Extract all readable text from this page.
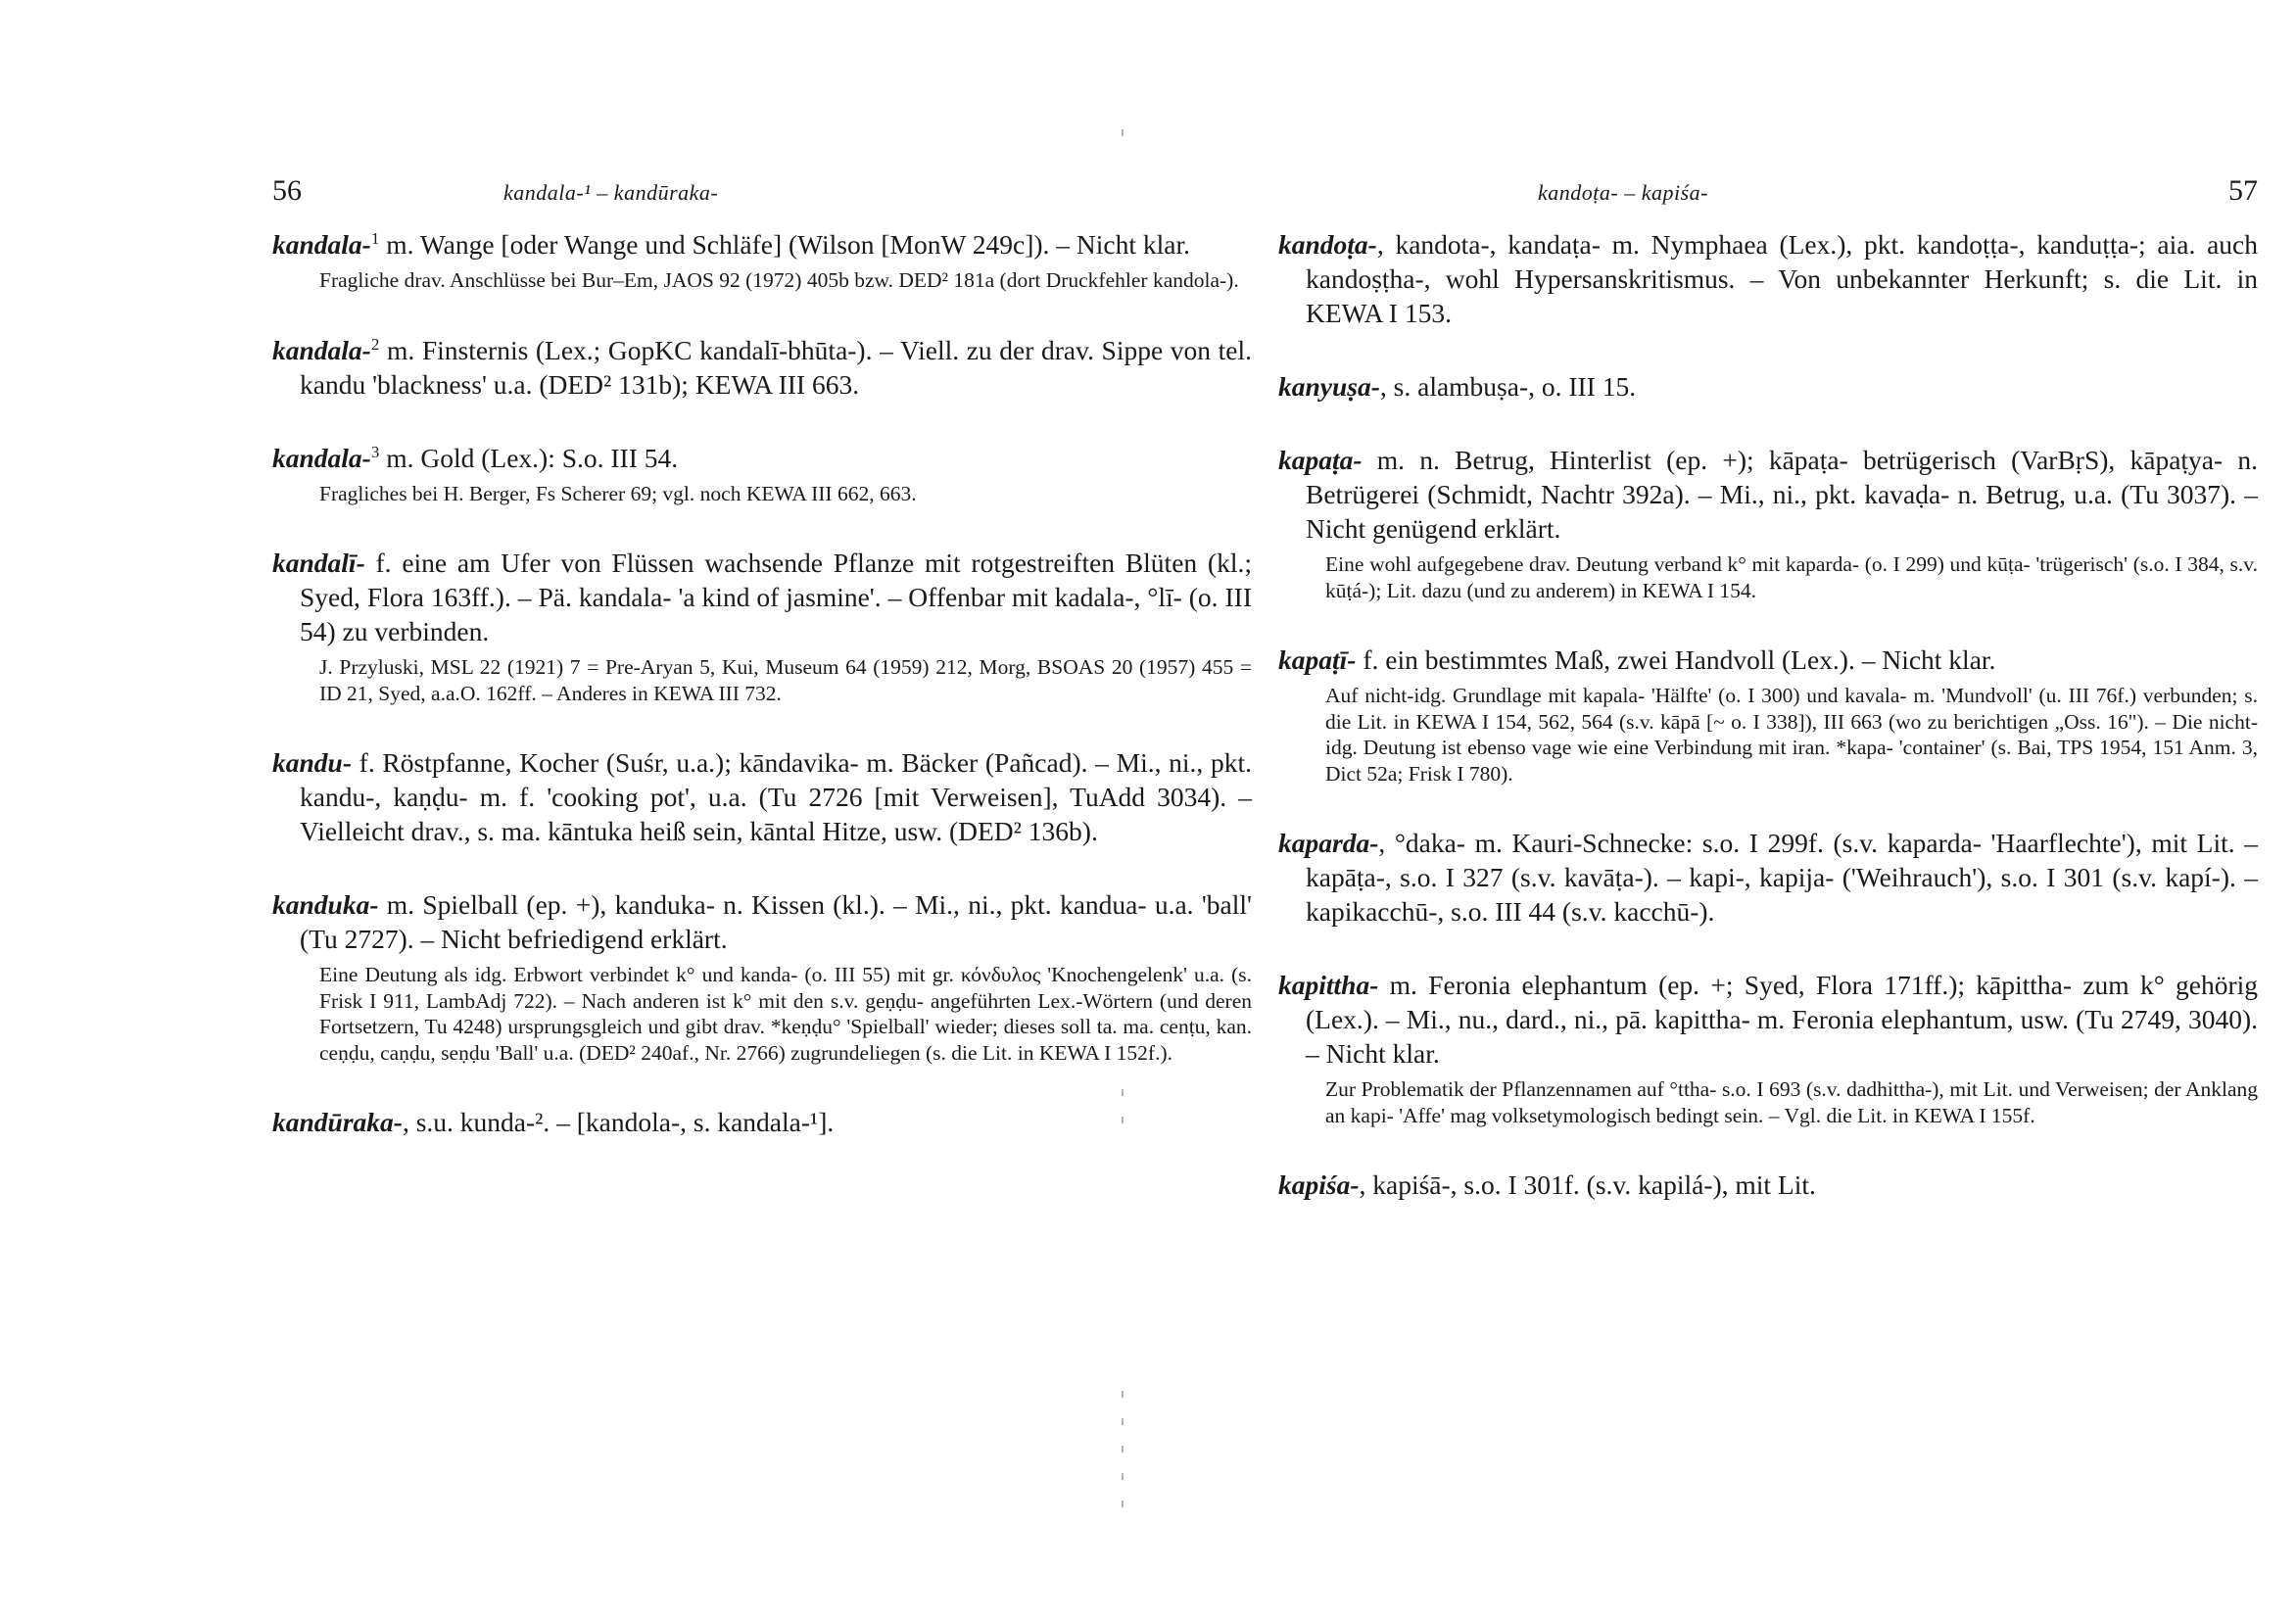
56	kandala-¹ – kandūraka-

kandala-$^1$ m. Wange [oder Wange und Schläfe] (Wilson [MonW 249c]). – Nicht klar.

Fragliche drav. Anschlüsse bei Bur–Em, JAOS 92 (1972) 405b bzw. DED² 181a (dort Druckfehler kandola-).

kandala-$^2$ m. Finsternis (Lex.; GopKC kandalī-bhūta-). – Viell. zu der drav. Sippe von tel. kandu 'blackness' u.a. (DED² 131b); KEWA III 663.

kandala-$^3$ m. Gold (Lex.): S.o. III 54.

Fragliches bei H. Berger, Fs Scherer 69; vgl. noch KEWA III 662, 663.

kandalī- f. eine am Ufer von Flüssen wachsende Pflanze mit rotgestreiften Blüten (kl.; Syed, Flora 163ff.). – Pä. kandala- 'a kind of jasmine'. – Offenbar mit kadala-, °lī- (o. III 54) zu verbinden.

J. Przyluski, MSL 22 (1921) 7 = Pre-Aryan 5, Kui, Museum 64 (1959) 212, Morg, BSOAS 20 (1957) 455 = ID 21, Syed, a.a.O. 162ff. – Anderes in KEWA III 732.

kandu- f. Röstpfanne, Kocher (Suśr, u.a.); kāndavika- m. Bäcker (Pañcad). – Mi., ni., pkt. kandu-, kaṇḍu- m. f. 'cooking pot', u.a. (Tu 2726 [mit Verweisen], TuAdd 3034). – Vielleicht drav., s. ma. kāntuka heiß sein, kāntal Hitze, usw. (DED² 136b).

kanduka- m. Spielball (ep. +), kanduka- n. Kissen (kl.). – Mi., ni., pkt. kandua- u.a. 'ball' (Tu 2727). – Nicht befriedigend erklärt.

Eine Deutung als idg. Erbwort verbindet k° und kanda- (o. III 55) mit gr. κόνδυλος 'Knochengelenk' u.a. (s. Frisk I 911, LambAdj 722). – Nach anderen ist k° mit den s.v. geṇḍu- angeführten Lex.-Wörtern (und deren Fortsetzern, Tu 4248) ursprungsgleich und gibt drav. *keṇḍu° 'Spielball' wieder; dieses soll ta. ma. cenṭu, kan. ceṇḍu, caṇḍu, seṇḍu 'Ball' u.a. (DED² 240af., Nr. 2766) zugrundeliegen (s. die Lit. in KEWA I 152f.).

kandūraka-, s.u. kunda-². – [kandola-, s. kandala-¹].

kandoṭa- – kapiśa-	57

kandoṭa-, kandota-, kandaṭa- m. Nymphaea (Lex.), pkt. kandoṭṭa-, kanduṭṭa-; aia. auch kandoṣṭha-, wohl Hypersanskritismus. – Von unbekannter Herkunft; s. die Lit. in KEWA I 153.

kanyuṣa-, s. alambuṣa-, o. III 15.

kapaṭa- m. n. Betrug, Hinterlist (ep. +); kāpaṭa- betrügerisch (VarBṛS), kāpaṭya- n. Betrügerei (Schmidt, Nachtr 392a). – Mi., ni., pkt. kavaḍa- n. Betrug, u.a. (Tu 3037). – Nicht genügend erklärt.

Eine wohl aufgegebene drav. Deutung verband k° mit kaparda- (o. I 299) und kūṭa- 'trügerisch' (s.o. I 384, s.v. kūṭá-); Lit. dazu (und zu anderem) in KEWA I 154.

kapaṭī- f. ein bestimmtes Maß, zwei Handvoll (Lex.). – Nicht klar.

Auf nicht-idg. Grundlage mit kapala- 'Hälfte' (o. I 300) und kavala- m. 'Mundvoll' (u. III 76f.) verbunden; s. die Lit. in KEWA I 154, 562, 564 (s.v. kāpā [~ o. I 338]), III 663 (wo zu berichtigen „Oss. 16"). – Die nicht-idg. Deutung ist ebenso vage wie eine Verbindung mit iran. *kapa- 'container' (s. Bai, TPS 1954, 151 Anm. 3, Dict 52a; Frisk I 780).

kaparda-, °daka- m. Kauri-Schnecke: s.o. I 299f. (s.v. kaparda- 'Haarflechte'), mit Lit. – kapāṭa-, s.o. I 327 (s.v. kavāṭa-). – kapi-, kapija- ('Weihrauch'), s.o. I 301 (s.v. kapí-). – kapikacchū-, s.o. III 44 (s.v. kacchū-).

kapittha- m. Feronia elephantum (ep. +; Syed, Flora 171ff.); kāpittha- zum k° gehörig (Lex.). – Mi., nu., dard., ni., pā. kapittha- m. Feronia elephantum, usw. (Tu 2749, 3040). – Nicht klar.

Zur Problematik der Pflanzennamen auf °ttha- s.o. I 693 (s.v. dadhittha-), mit Lit. und Verweisen; der Anklang an kapi- 'Affe' mag volksetymologisch bedingt sein. – Vgl. die Lit. in KEWA I 155f.

kapiśa-, kapiśā-, s.o. I 301f. (s.v. kapilá-), mit Lit.
